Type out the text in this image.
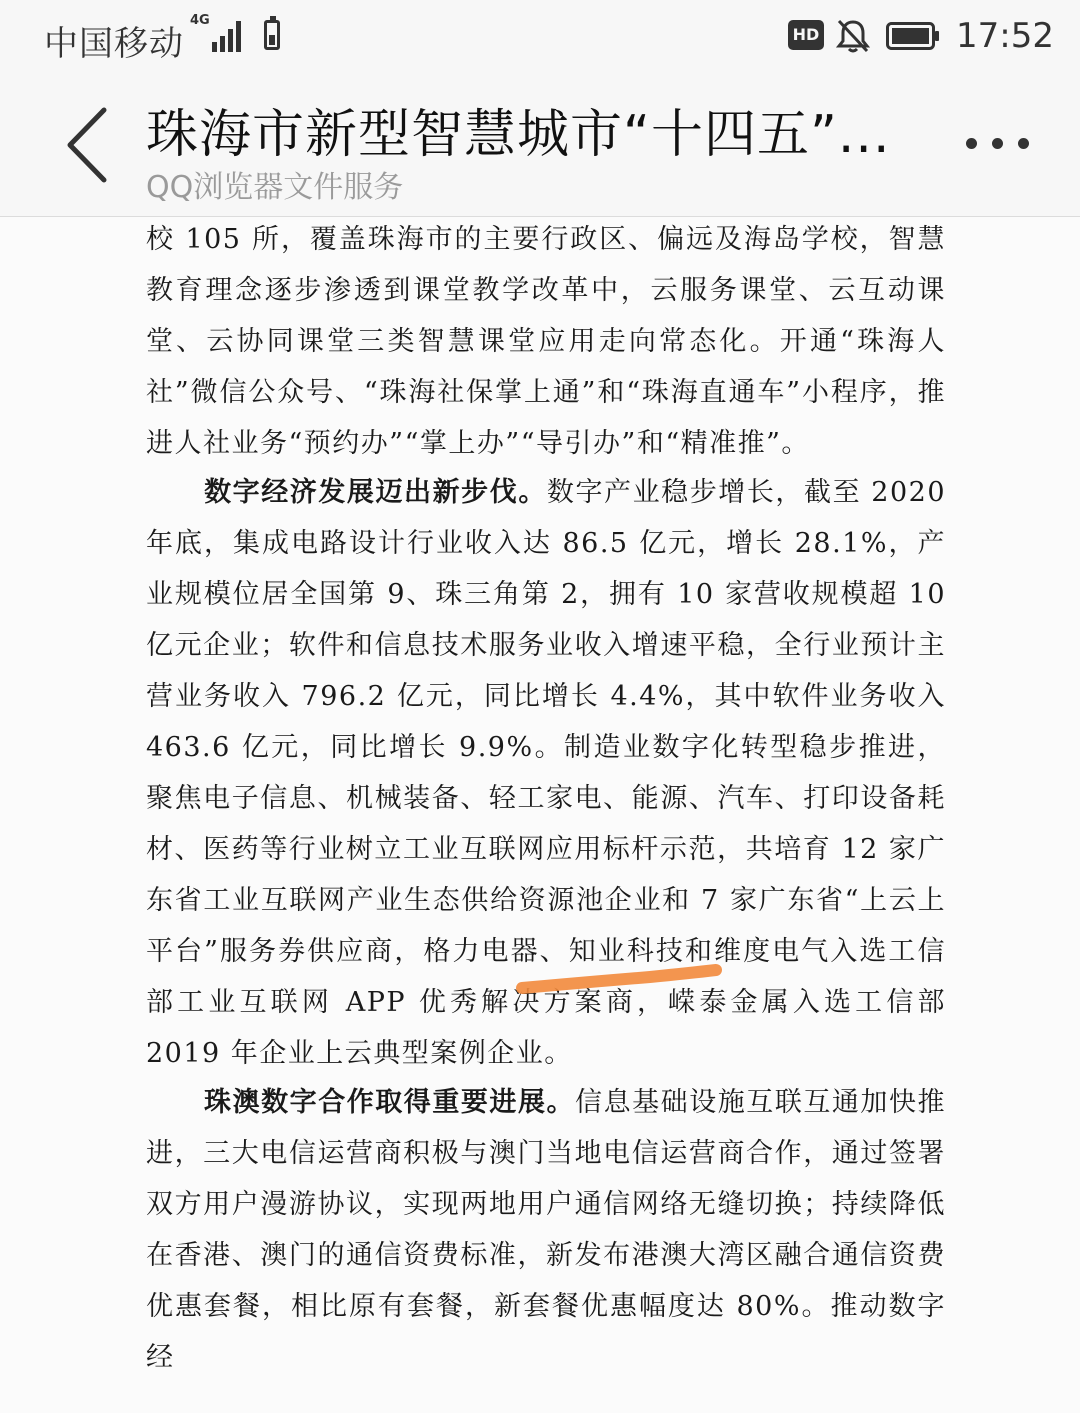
中国移动
4G
HD	17:52
珠海市新型智慧城市“十四五”...
QQ浏览器文件服务

校 105 所，覆盖珠海市的主要行政区、偏远及海岛学校，智慧教育理念逐步渗透到课堂教学改革中，云服务课堂、云互动课堂、云协同课堂三类智慧课堂应用走向常态化。开通“珠海人社”微信公众号、“珠海社保掌上通”和“珠海直通车”小程序，推进人社业务“预约办”“掌上办”“导引办”和“精准推”。

数字经济发展迈出新步伐。数字产业稳步增长，截至 2020 年底，集成电路设计行业收入达 86.5 亿元，增长 28.1%，产业规模位居全国第 9、珠三角第 2，拥有 10 家营收规模超 10 亿元企业；软件和信息技术服务业收入增速平稳，全行业预计主营业务收入 796.2 亿元，同比增长 4.4%，其中软件业务收入 463.6 亿元，同比增长 9.9%。制造业数字化转型稳步推进，聚焦电子信息、机械装备、轻工家电、能源、汽车、打印设备耗材、医药等行业树立工业互联网应用标杆示范，共培育 12 家广东省工业互联网产业生态供给资源池企业和 7 家广东省“上云上平台”服务券供应商，格力电器、知业科技和维度电气入选工信部工业互联网 APP 优秀解决方案商，嵘泰金属入选工信部 2019 年企业上云典型案例企业。

珠澳数字合作取得重要进展。信息基础设施互联互通加快推进，三大电信运营商积极与澳门当地电信运营商合作，通过签署双方用户漫游协议，实现两地用户通信网络无缝切换；持续降低在香港、澳门的通信资费标准，新发布港澳大湾区融合通信资费优惠套餐，相比原有套餐，新套餐优惠幅度达 80%。推动数字经
